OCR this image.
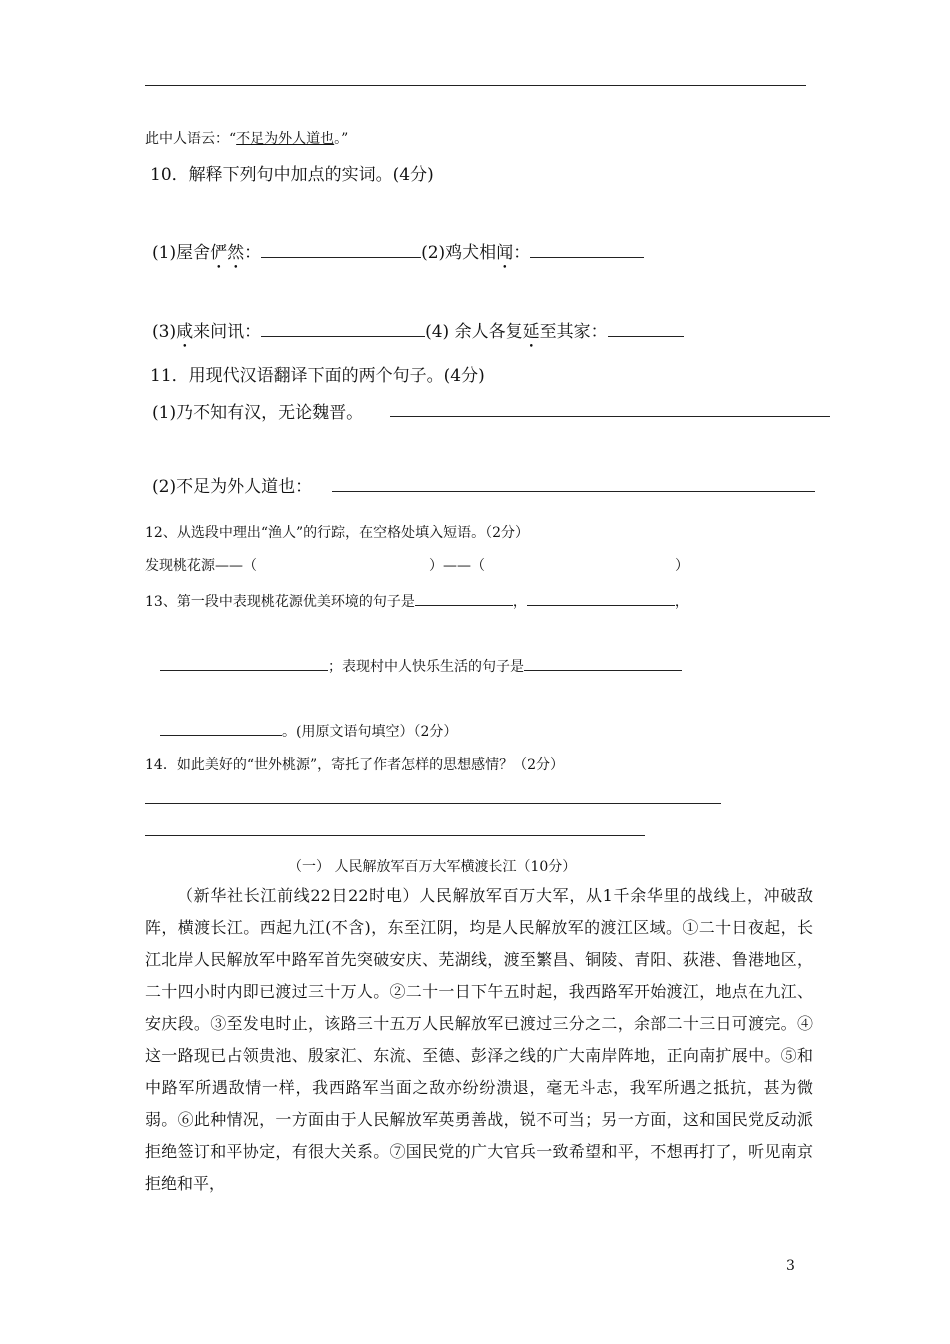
此中人语云：“不足为外人道也。”
10．解释下列句中加点的实词。(4分)
(1)屋舍俨然：	(2)鸡犬相闻：
(3)咸来问讯：	(4) 余人各复延至其家：
11．用现代汉语翻译下面的两个句子。(4分)
(1)乃不知有汉，无论魏晋。
(2)不足为外人道也：
12、从选段中理出“渔人”的行踪，在空格处填入短语。（2分）
发现桃花源——（	）——（	）
13、第一段中表现桃花源优美环境的句子是	，	，
；表现村中人快乐生活的句子是
。(用原文语句填空）（2分）
14．如此美好的“世外桃源”，寄托了作者怎样的思想感情？（2分）
（一） 人民解放军百万大军横渡长江（10分）

（新华社长江前线22日22时电）人民解放军百万大军，从1千余华里的战线上，冲破敌阵，横渡长江。西起九江(不含)，东至江阴，均是人民解放军的渡江区域。①二十日夜起，长江北岸人民解放军中路军首先突破安庆、芜湖线，渡至繁昌、铜陵、青阳、荻港、鲁港地区，二十四小时内即已渡过三十万人。②二十一日下午五时起，我西路军开始渡江，地点在九江、安庆段。③至发电时止，该路三十五万人民解放军已渡过三分之二，余部二十三日可渡完。④这一路现已占领贵池、殷家汇、东流、至德、彭泽之线的广大南岸阵地，正向南扩展中。⑤和中路军所遇敌情一样，我西路军当面之敌亦纷纷溃退，毫无斗志，我军所遇之抵抗，甚为微弱。⑥此种情况，一方面由于人民解放军英勇善战，锐不可当；另一方面，这和国民党反动派拒绝签订和平协定，有很大关系。⑦国民党的广大官兵一致希望和平，不想再打了，听见南京拒绝和平，

3
